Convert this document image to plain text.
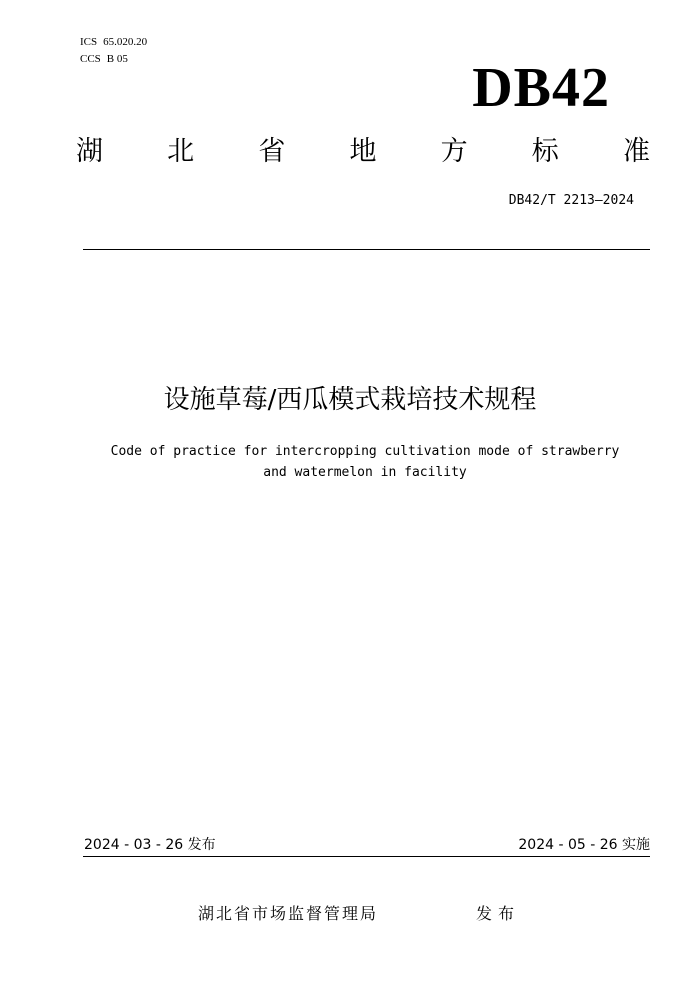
ICS 65.020.20
CCS B 05	DB42
湖 北 省 地 方 标 准
DB42/T 2213—2024
设施草莓/西瓜模式栽培技术规程
Code of practice for intercropping cultivation mode of strawberry
and watermelon in facility
2024 - 03 - 26 发布	2024 - 05 - 26 实施
湖北省市场监督管理局	发布
